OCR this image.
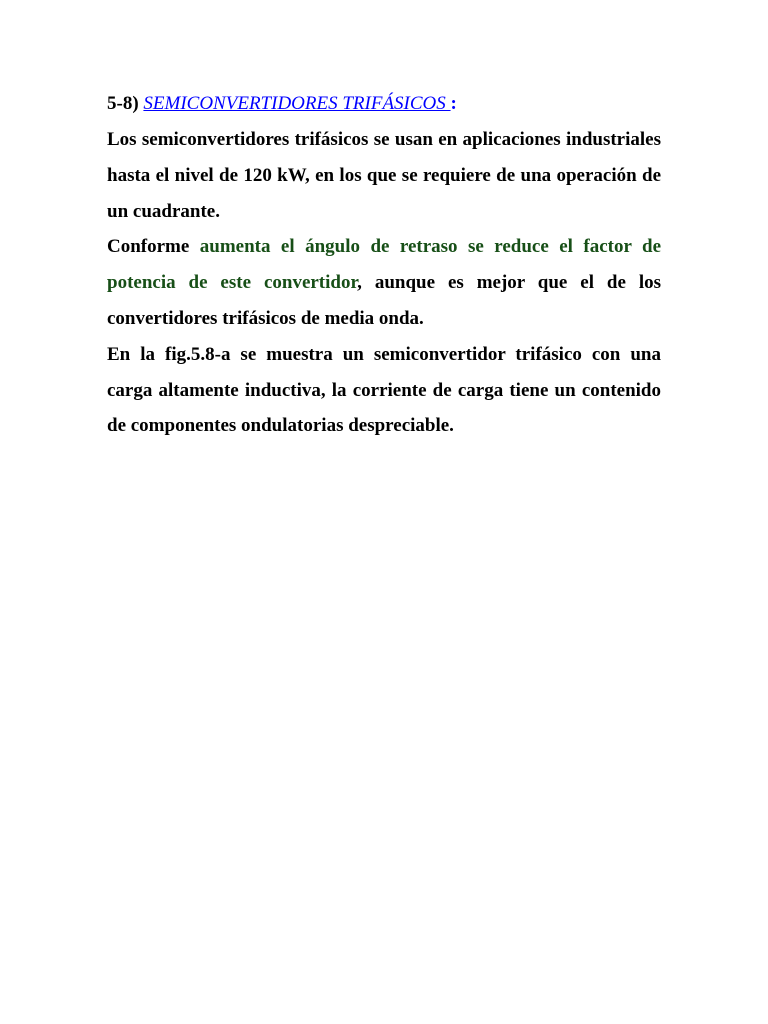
5-8) SEMICONVERTIDORES TRIFÁSICOS :

Los semiconvertidores trifásicos se usan en aplicaciones industriales hasta el nivel de 120 kW, en los que se requiere de una operación de un cuadrante.

Conforme aumenta el ángulo de retraso se reduce el factor de potencia de este convertidor, aunque es mejor que el de los convertidores trifásicos de media onda.

En la fig.5.8-a se muestra un semiconvertidor trifásico con una carga altamente inductiva, la corriente de carga tiene un contenido de componentes ondulatorias despreciable.
